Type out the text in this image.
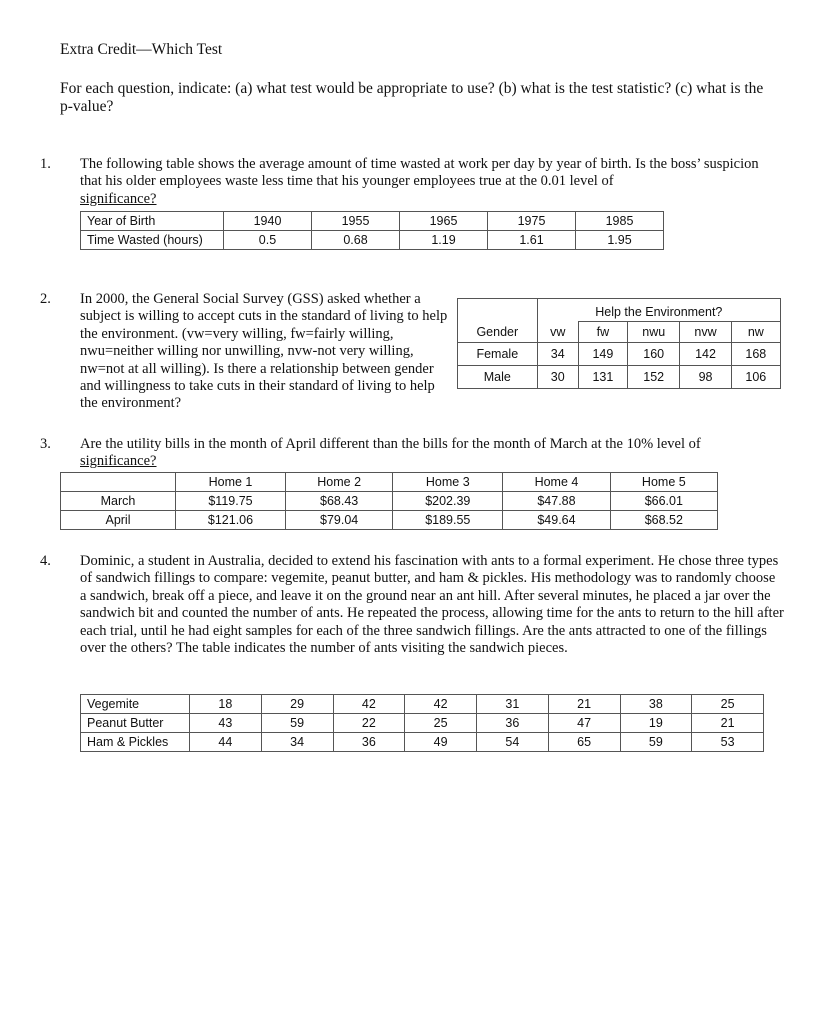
Extra Credit—Which Test
For each question, indicate: (a) what test would be appropriate to use? (b) what is the test statistic? (c) what is the p-value?
1. The following table shows the average amount of time wasted at work per day by year of birth. Is the boss’ suspicion that his older employees waste less time that his younger employees true at the 0.01 level of
significance?
Year of Birth	1940	1955	1965	1975	1985
Time Wasted (hours)	0.5	0.68	1.19	1.61	1.95
2. In 2000, the General Social Survey (GSS) asked whether a subject is willing to accept cuts in the standard of living to help the environment. (vw=very willing, fw=fairly willing, nwu=neither willing nor unwilling, nvw-not very willing, nw=not at all willing). Is there a relationship between gender and willingness to take cuts in their standard of living to help the environment?
	Help the Environment?				
Gender	vw	fw	nwu	nvw	nw
Female	34	149	160	142	168
Male	30	131	152	98	106
3. Are the utility bills in the month of April different than the bills for the month of March at the 10% level of
significance?
	Home 1	Home 2	Home 3	Home 4	Home 5
March	$119.75	$68.43	$202.39	$47.88	$66.01
April	$121.06	$79.04	$189.55	$49.64	$68.52
4. Dominic, a student in Australia, decided to extend his fascination with ants to a formal experiment. He chose three types of sandwich fillings to compare: vegemite, peanut butter, and ham & pickles. His methodology was to randomly choose a sandwich, break off a piece, and leave it on the ground near an ant hill. After several minutes, he placed a jar over the sandwich bit and counted the number of ants. He repeated the process, allowing time for the ants to return to the hill after each trial, until he had eight samples for each of the three sandwich fillings. Are the ants attracted to one of the fillings over the others? The table indicates the number of ants visiting the sandwich pieces.
Vegemite	18	29	42	42	31	21	38	25
Peanut Butter	43	59	22	25	36	47	19	21
Ham & Pickles	44	34	36	49	54	65	59	53
